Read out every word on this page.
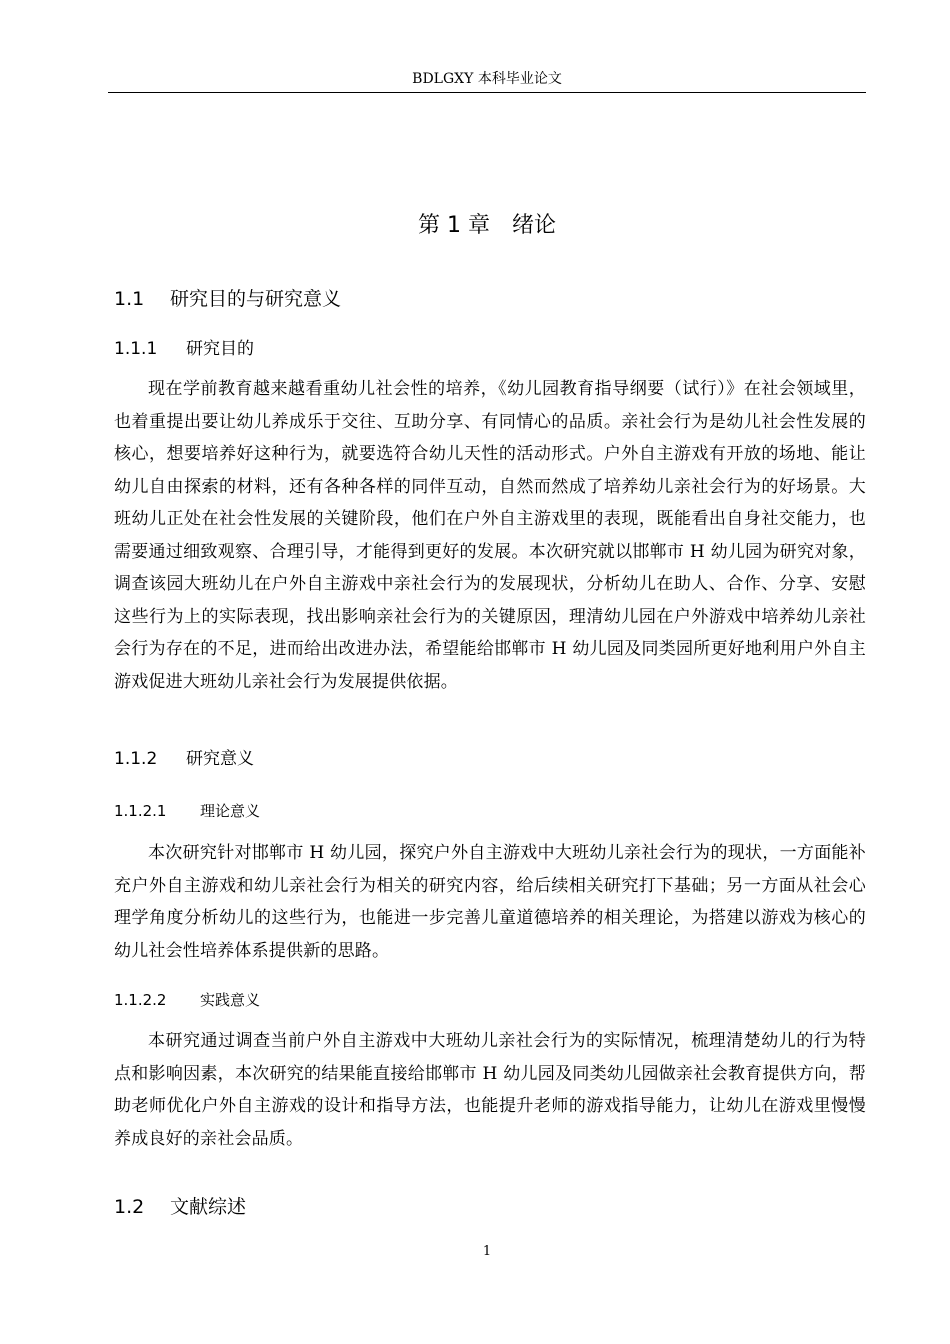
BDLGXY 本科毕业论文
第 1 章　绪论
1.1 研究目的与研究意义
1.1.1 研究目的

现在学前教育越来越看重幼儿社会性的培养，《幼儿园教育指导纲要（试行）》在社会领域里，也着重提出要让幼儿养成乐于交往、互助分享、有同情心的品质。亲社会行为是幼儿社会性发展的核心，想要培养好这种行为，就要选符合幼儿天性的活动形式。户外自主游戏有开放的场地、能让幼儿自由探索的材料，还有各种各样的同伴互动，自然而然成了培养幼儿亲社会行为的好场景。大班幼儿正处在社会性发展的关键阶段，他们在户外自主游戏里的表现，既能看出自身社交能力，也需要通过细致观察、合理引导，才能得到更好的发展。本次研究就以邯郸市 H 幼儿园为研究对象，调查该园大班幼儿在户外自主游戏中亲社会行为的发展现状，分析幼儿在助人、合作、分享、安慰这些行为上的实际表现，找出影响亲社会行为的关键原因，理清幼儿园在户外游戏中培养幼儿亲社会行为存在的不足，进而给出改进办法，希望能给邯郸市 H 幼儿园及同类园所更好地利用户外自主游戏促进大班幼儿亲社会行为发展提供依据。

1.1.2 研究意义
1.1.2.1 理论意义

本次研究针对邯郸市 H 幼儿园，探究户外自主游戏中大班幼儿亲社会行为的现状，一方面能补充户外自主游戏和幼儿亲社会行为相关的研究内容，给后续相关研究打下基础；另一方面从社会心理学角度分析幼儿的这些行为，也能进一步完善儿童道德培养的相关理论，为搭建以游戏为核心的幼儿社会性培养体系提供新的思路。

1.1.2.2 实践意义

本研究通过调查当前户外自主游戏中大班幼儿亲社会行为的实际情况，梳理清楚幼儿的行为特点和影响因素，本次研究的结果能直接给邯郸市 H 幼儿园及同类幼儿园做亲社会教育提供方向，帮助老师优化户外自主游戏的设计和指导方法，也能提升老师的游戏指导能力，让幼儿在游戏里慢慢养成良好的亲社会品质。

1.2 文献综述
1
